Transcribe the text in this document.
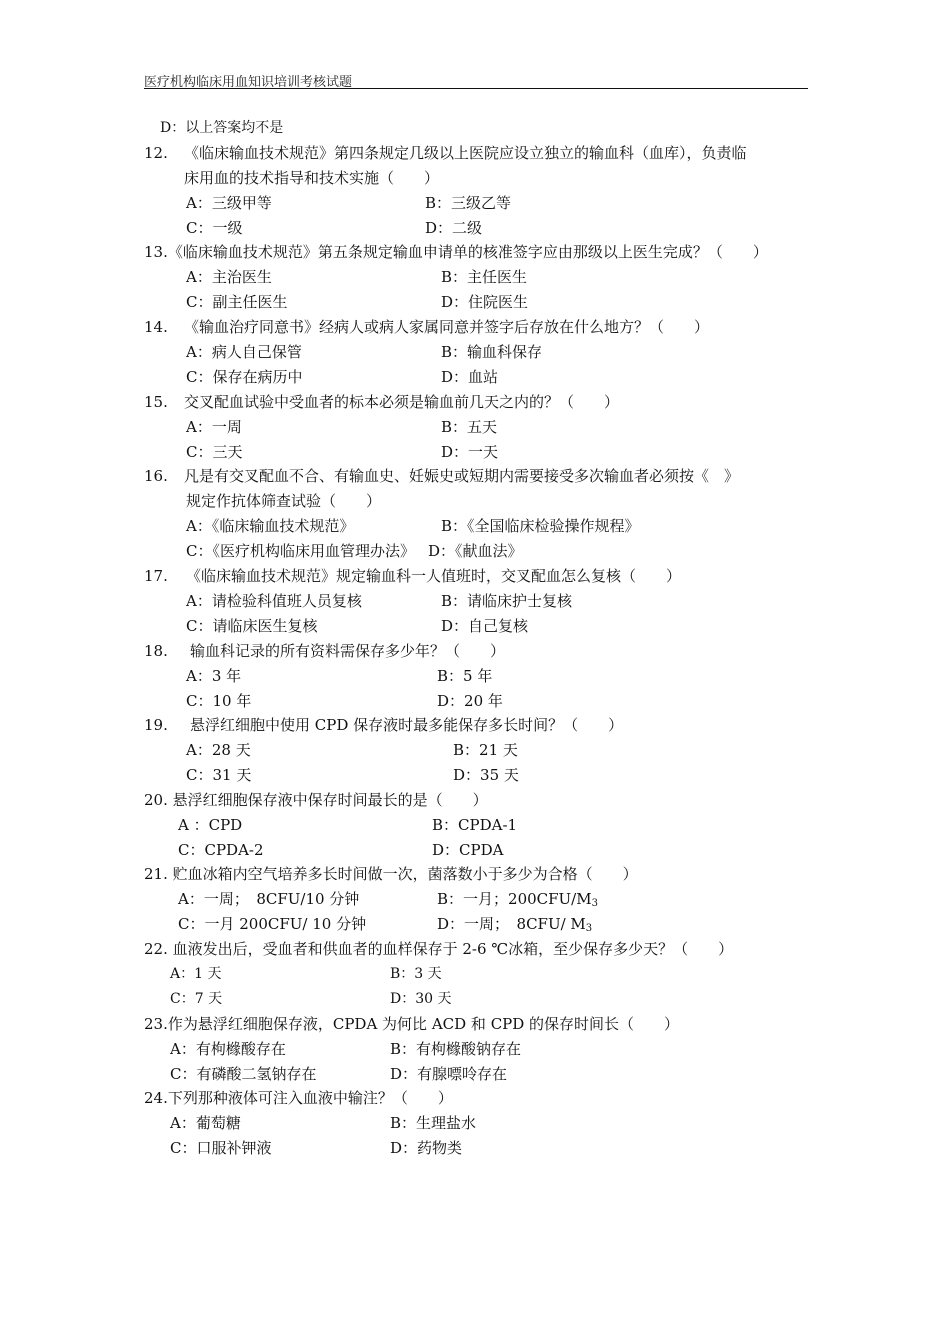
医疗机构临床用血知识培训考核试题
D：以上答案均不是
12. 《临床输血技术规范》第四条规定几级以上医院应设立独立的输血科（血库），负责临
床用血的技术指导和技术实施（　　）
A：三级甲等	B：三级乙等
C：一级	D：二级
13.《临床输血技术规范》第五条规定输血申请单的核准签字应由那级以上医生完成？（　　）
A：主治医生	B：主任医生
C：副主任医生	D：住院医生
14. 《输血治疗同意书》经病人或病人家属同意并签字后存放在什么地方？（　　）
A：病人自己保管	B：输血科保存
C：保存在病历中	D：血站
15. 交叉配血试验中受血者的标本必须是输血前几天之内的？（　　）
A：一周	B：五天
C：三天	D：一天
16. 凡是有交叉配血不合、有输血史、妊娠史或短期内需要接受多次输血者必须按《　》
规定作抗体筛查试验（　　）
A：《临床输血技术规范》	B：《全国临床检验操作规程》
C：《医疗机构临床用血管理办法》 D：《献血法》
17. 《临床输血技术规范》规定输血科一人值班时，交叉配血怎么复核（　　）
A：请检验科值班人员复核	B：请临床护士复核
C：请临床医生复核	D：自己复核
18. 输血科记录的所有资料需保存多少年？（　　）
A：3 年	B：5 年
C：10 年	D：20 年
19. 悬浮红细胞中使用 CPD 保存液时最多能保存多长时间？（　　）
A：28 天	B：21 天
C：31 天	D：35 天
20. 悬浮红细胞保存液中保存时间最长的是（　　）
A ：CPD	B：CPDA-1
C：CPDA-2	D：CPDA
21. 贮血冰箱内空气培养多长时间做一次，菌落数小于多少为合格（　　）
A：一周；　8CFU/10 分钟	B：一月；$200CFU/M_3$
C：一月 200CFU/ 10 分钟	D：一周；　8CFU/ $M_3$
22. 血液发出后，受血者和供血者的血样保存于 2-6 ℃冰箱，至少保存多少天？（　　）
A：1 天	B：3 天
C：7 天	D：30 天
23.作为悬浮红细胞保存液，CPDA 为何比 ACD 和 CPD 的保存时间长（　　）
A：有枸橼酸存在	B：有枸橼酸钠存在
C：有磷酸二氢钠存在	D：有腺嘌呤存在
24.下列那种液体可注入血液中输注？（　　）
A：葡萄糖	B：生理盐水
C：口服补钾液	D：药物类
